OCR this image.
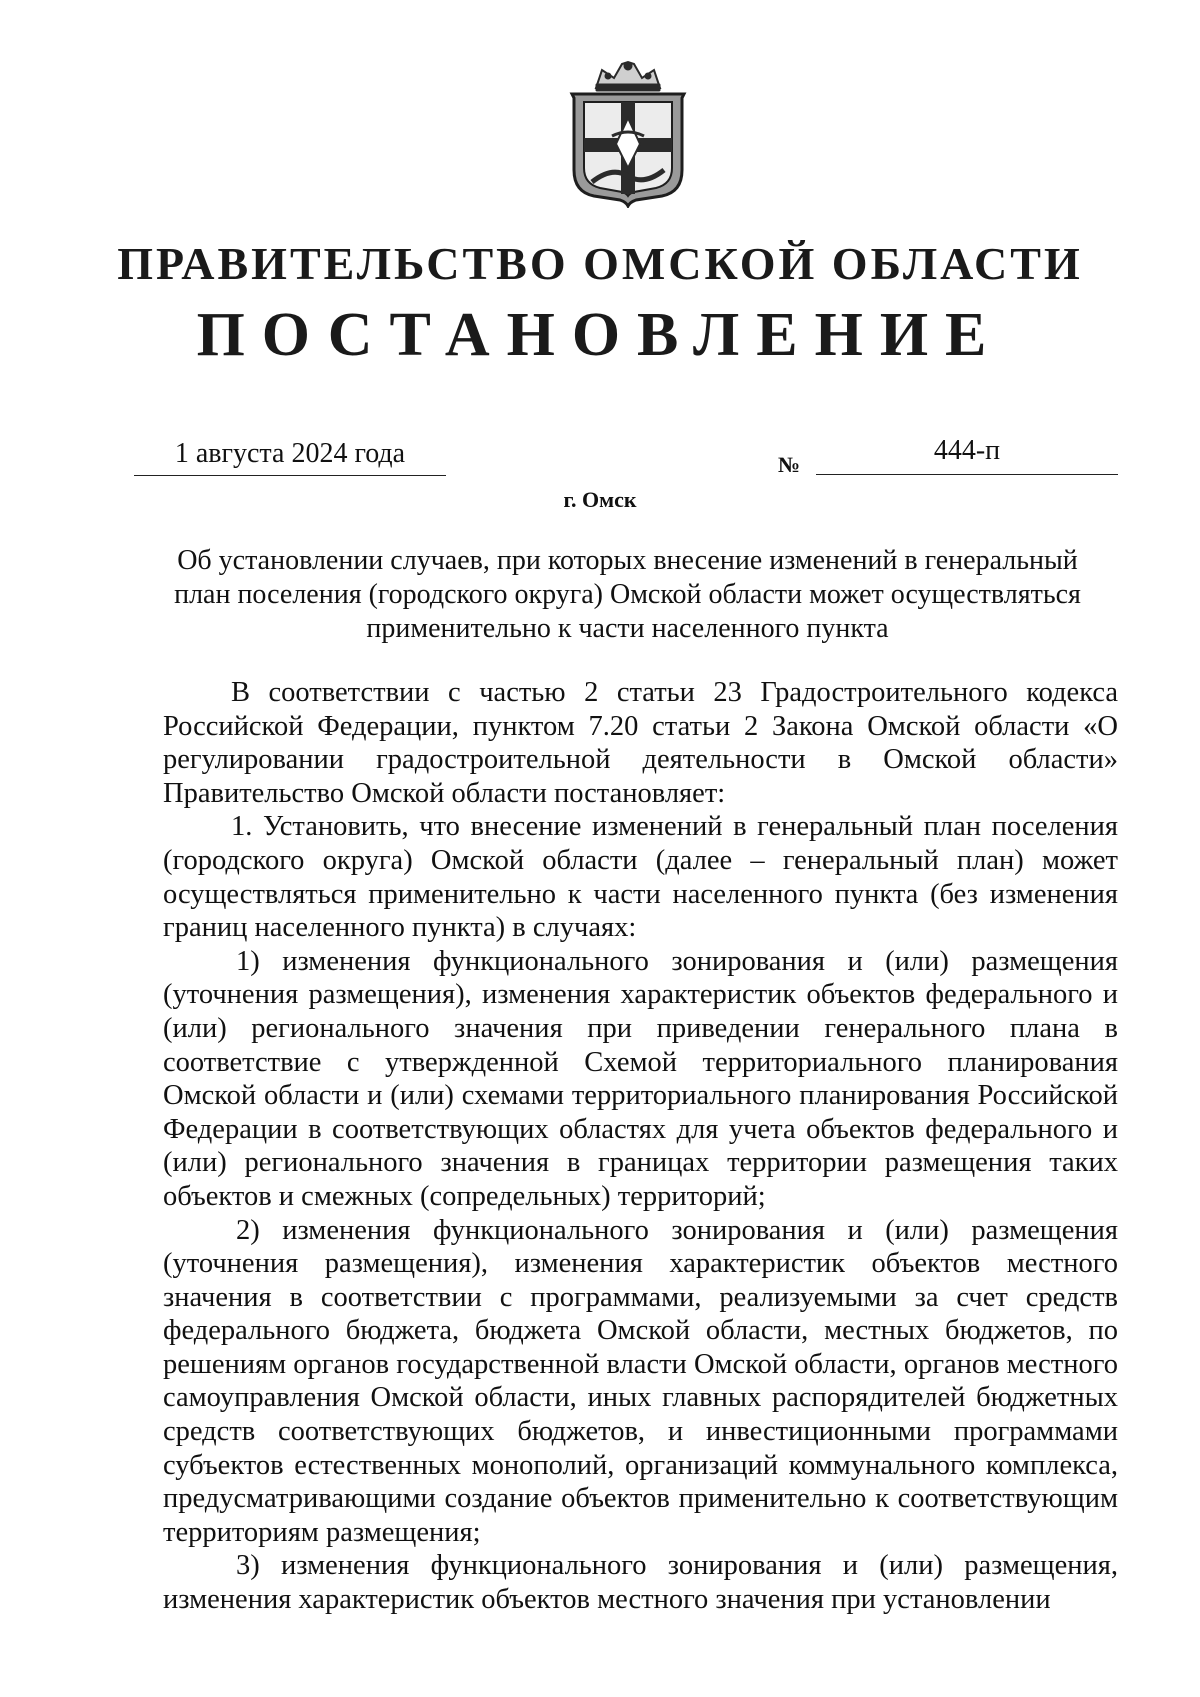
ПРАВИТЕЛЬСТВО ОМСКОЙ ОБЛАСТИ
ПОСТАНОВЛЕНИЕ
1 августа 2024 года	№	444-п
г. Омск
Об установлении случаев, при которых внесение изменений в генеральный план поселения (городского округа) Омской области может осуществляться применительно к части населенного пункта

В соответствии с частью 2 статьи 23 Градостроительного кодекса Российской Федерации, пунктом 7.20 статьи 2 Закона Омской области «О регулировании градостроительной деятельности в Омской области» Правительство Омской области постановляет:

1. Установить, что внесение изменений в генеральный план поселения (городского округа) Омской области (далее – генеральный план) может осуществляться применительно к части населенного пункта (без изменения границ населенного пункта) в случаях:

1) изменения функционального зонирования и (или) размещения (уточнения размещения), изменения характеристик объектов федерального и (или) регионального значения при приведении генерального плана в соответствие с утвержденной Схемой территориального планирования Омской области и (или) схемами территориального планирования Российской Федерации в соответствующих областях для учета объектов федерального и (или) регионального значения в границах территории размещения таких объектов и смежных (сопредельных) территорий;

2) изменения функционального зонирования и (или) размещения (уточнения размещения), изменения характеристик объектов местного значения в соответствии с программами, реализуемыми за счет средств федерального бюджета, бюджета Омской области, местных бюджетов, по решениям органов государственной власти Омской области, органов местного самоуправления Омской области, иных главных распорядителей бюджетных средств соответствующих бюджетов, и инвестиционными программами субъектов естественных монополий, организаций коммунального комплекса, предусматривающими создание объектов применительно к соответствующим территориям размещения;

3) изменения функционального зонирования и (или) размещения, изменения характеристик объектов местного значения при установлении
